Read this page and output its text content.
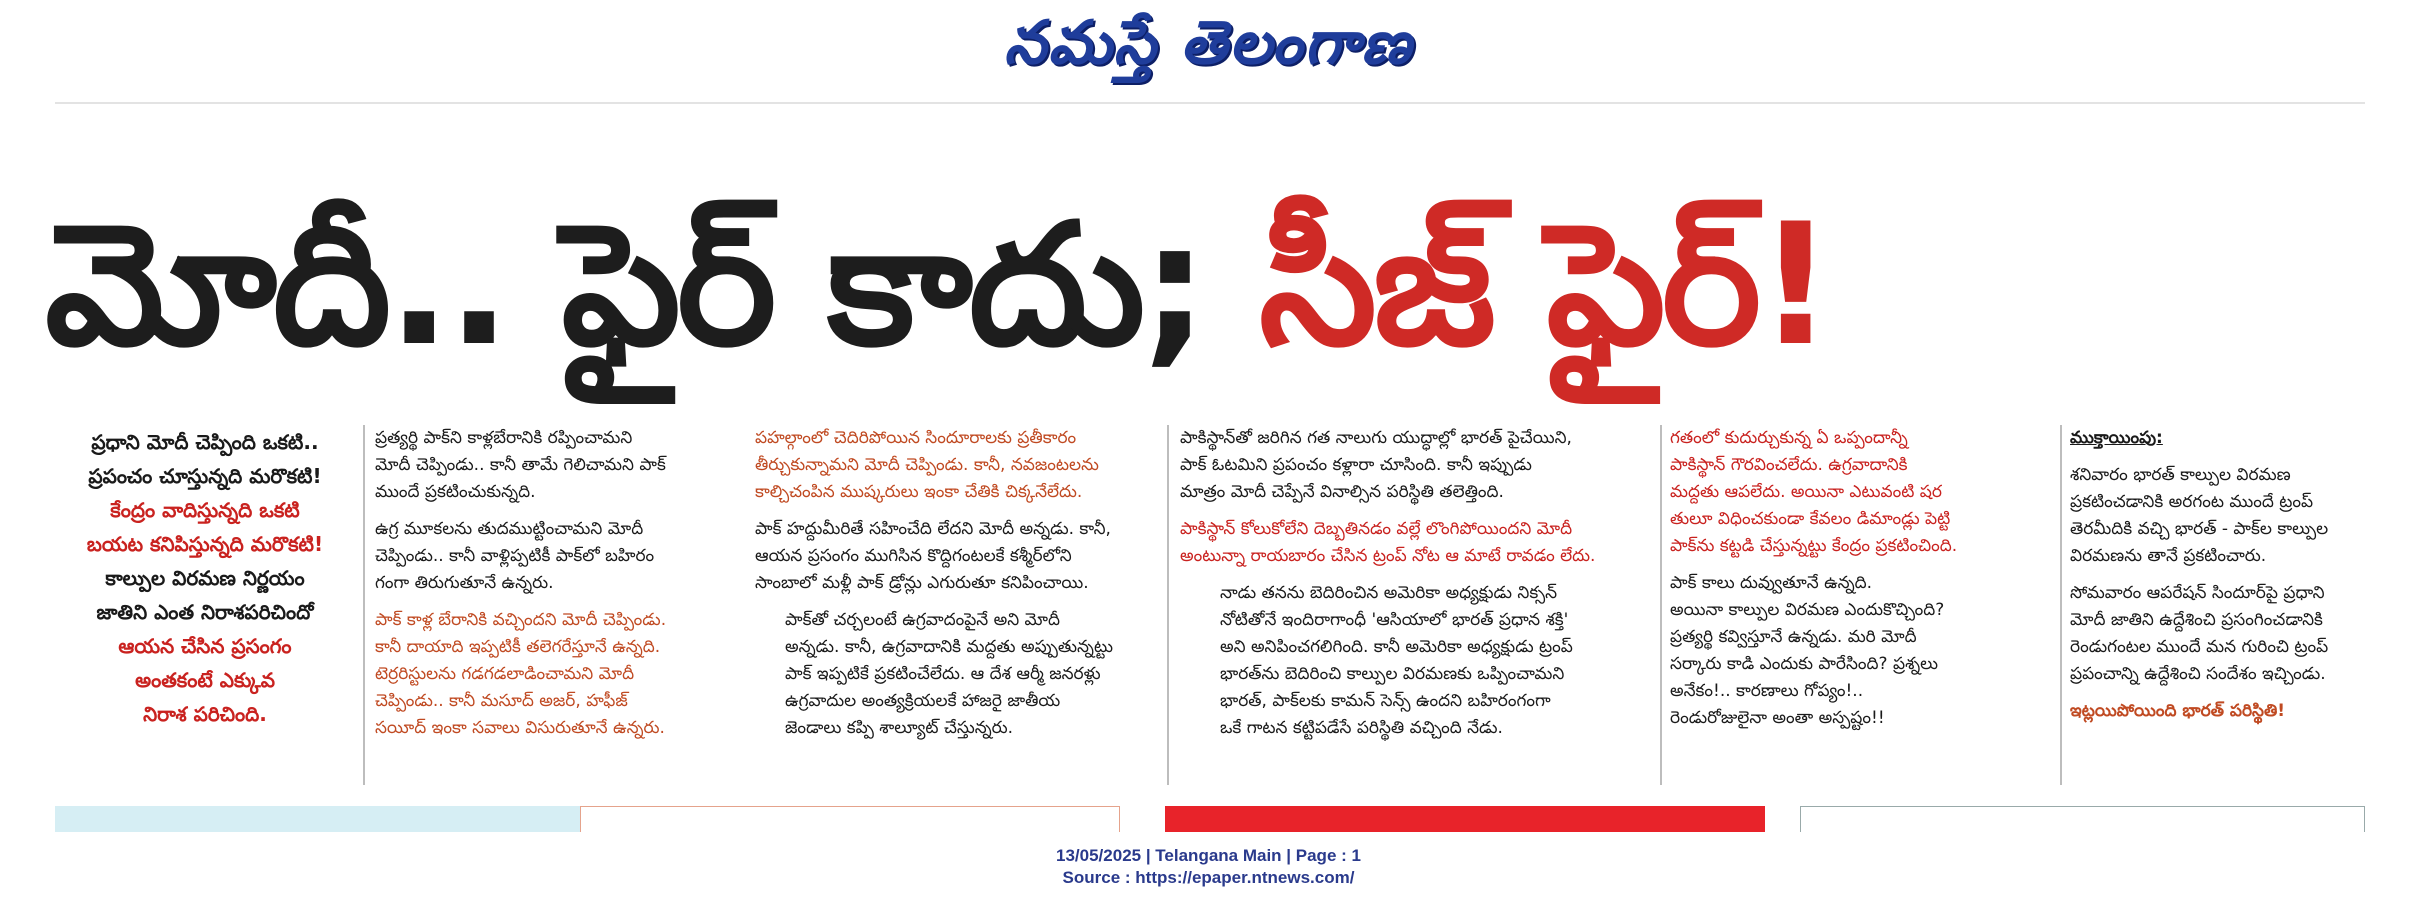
నమస్తే తెలంగాణ
మోదీ.. ఫైర్ కాదు; సీజ్ ఫైర్!
ప్రధాని మోదీ చెప్పింది ఒకటి..
ప్రపంచం చూస్తున్నది మరొకటి!
కేంద్రం వాదిస్తున్నది ఒకటి
బయట కనిపిస్తున్నది మరొకటి!
కాల్పుల విరమణ నిర్ణయం
జాతిని ఎంత నిరాశపరిచిందో
ఆయన చేసిన ప్రసంగం
అంతకంటే ఎక్కువ
నిరాశ పరిచింది.
ప్రత్యర్థి పాక్‌ని కాళ్లబేరానికి రప్పించామని
మోదీ చెప్పిండు.. కానీ తామే గెలిచామని పాక్
ముందే ప్రకటించుకున్నది.
ఉగ్ర మూకలను తుదముట్టించామని మోదీ
చెప్పిండు.. కానీ వాళ్లిప్పటికీ పాక్‌లో బహిరం
గంగా తిరుగుతూనే ఉన్నరు.
పాక్ కాళ్ల బేరానికి వచ్చిందని మోదీ చెప్పిండు.
కానీ దాయాది ఇప్పటికీ తలెగరేస్తూనే ఉన్నది.
టెర్రరిస్టులను గడగడలాడించామని మోదీ
చెప్పిండు.. కానీ మసూద్ అజర్, హఫీజ్
సయీద్ ఇంకా సవాలు విసురుతూనే ఉన్నరు.
పహల్గాంలో చెదిరిపోయిన సిందూరాలకు ప్రతీకారం
తీర్చుకున్నామని మోదీ చెప్పిండు. కానీ, నవజంటలను
కాల్చిచంపిన ముష్కరులు ఇంకా చేతికి చిక్కనేలేదు.
పాక్ హద్దుమీరితే సహించేది లేదని మోదీ అన్నడు. కానీ,
ఆయన ప్రసంగం ముగిసిన కొద్దిగంటలకే కశ్మీర్‌లోని
సాంబాలో మళ్లీ పాక్ డ్రోన్లు ఎగురుతూ కనిపించాయి.
పాక్‌తో చర్చలంటే ఉగ్రవాదంపైనే అని మోదీ
అన్నడు. కానీ, ఉగ్రవాదానికి మద్దతు అప్పుతున్నట్టు
పాక్ ఇప్పటికే ప్రకటించేలేదు. ఆ దేశ ఆర్మీ జనరళ్లు
ఉగ్రవాదుల అంత్యక్రియలకే హాజరై జాతీయ
జెండాలు కప్పి శాల్యూట్ చేస్తున్నరు.
పాకిస్థాన్‌తో జరిగిన గత నాలుగు యుద్ధాల్లో భారత్ పైచేయిని,
పాక్ ఓటమిని ప్రపంచం కళ్లారా చూసింది. కానీ ఇప్పుడు
మాత్రం మోదీ చెప్పేనే వినాల్సిన పరిస్థితి తలెత్తింది.
పాకిస్థాన్ కోలుకోలేని దెబ్బతినడం వల్లే లొంగిపోయిందని మోదీ
అంటున్నా రాయబారం చేసిన ట్రంప్ నోట ఆ మాటే రావడం లేదు.
నాడు తనను బెదిరించిన అమెరికా అధ్యక్షుడు నిక్సన్
నోటితోనే ఇందిరాగాంధీ 'ఆసియాలో భారత్ ప్రధాన శక్తి'
అని అనిపించగలిగింది. కానీ అమెరికా అధ్యక్షుడు ట్రంప్
భారత్‌ను బెదిరించి కాల్పుల విరమణకు ఒప్పించామని
భారత్, పాక్‌లకు కామన్ సెన్స్ ఉందని బహిరంగంగా
ఒకే గాటన కట్టిపడేసే పరిస్థితి వచ్చింది నేడు.
గతంలో కుదుర్చుకున్న ఏ ఒప్పందాన్నీ
పాకిస్థాన్ గౌరవించలేదు. ఉగ్రవాదానికి
మద్దతు ఆపలేదు. అయినా ఎటువంటి షర
తులూ విధించకుండా కేవలం డిమాండ్లు పెట్టి
పాక్‌ను కట్టడి చేస్తున్నట్టు కేంద్రం ప్రకటించింది.
పాక్ కాలు దువ్వుతూనే ఉన్నది.
అయినా కాల్పుల విరమణ ఎందుకొచ్చింది?
ప్రత్యర్థి కవ్విస్తూనే ఉన్నడు. మరి మోదీ
సర్కారు కాడి ఎందుకు పారేసింది? ప్రశ్నలు
అనేకం!.. కారణాలు గోప్యం!..
రెండురోజులైనా అంతా అస్పష్టం!!
ముక్తాయింపు:
శనివారం భారత్ కాల్పుల విరమణ
ప్రకటించడానికి అరగంట ముందే ట్రంప్
తెరమీదికి వచ్చి భారత్ - పాక్‌ల కాల్పుల
విరమణను తానే ప్రకటించారు.
సోమవారం ఆపరేషన్ సిందూర్‌పై ప్రధాని
మోదీ జాతిని ఉద్దేశించి ప్రసంగించడానికి
రెండుగంటల ముందే మన గురించి ట్రంప్
ప్రపంచాన్ని ఉద్దేశించి సందేశం ఇచ్చిండు.
ఇట్లయిపోయింది భారత్ పరిస్థితి!
13/05/2025 | Telangana Main | Page : 1
Source : https://epaper.ntnews.com/
